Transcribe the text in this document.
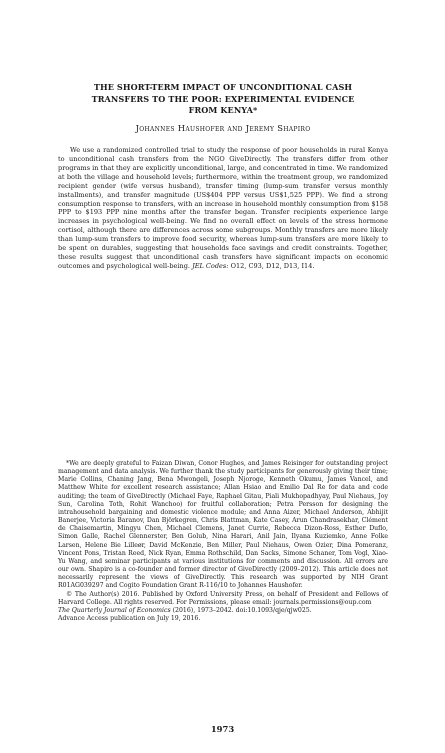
THE SHORT-TERM IMPACT OF UNCONDITIONAL CASH
TRANSFERS TO THE POOR: EXPERIMENTAL EVIDENCE
FROM KENYA*
Johannes Haushofer and Jeremy Shapiro

We use a randomized controlled trial to study the response of poor households in rural Kenya to unconditional cash transfers from the NGO GiveDirectly. The transfers differ from other programs in that they are explicitly unconditional, large, and concentrated in time. We randomized at both the village and household levels; furthermore, within the treatment group, we randomized recipient gender (wife versus husband), transfer timing (lump-sum transfer versus monthly installments), and transfer magnitude (US$404 PPP versus US$1,525 PPP). We find a strong consumption response to transfers, with an increase in household monthly consumption from $158 PPP to $193 PPP nine months after the transfer began. Transfer recipients experience large increases in psychological well-being. We find no overall effect on levels of the stress hormone cortisol, although there are differences across some subgroups. Monthly transfers are more likely than lump-sum transfers to improve food security, whereas lump-sum transfers are more likely to be spent on durables, suggesting that households face savings and credit constraints. Together, these results suggest that unconditional cash transfers have significant impacts on economic outcomes and psychological well-being. JEL Codes: O12, C93, D12, D13, I14.

*We are deeply grateful to Faizan Diwan, Conor Hughes, and James Reisinger for outstanding project management and data analysis. We further thank the study participants for generously giving their time; Marie Collins, Chaning Jang, Bena Mwongeli, Joseph Njoroge, Kenneth Okumu, James Vancel, and Matthew White for excellent research assistance; Allan Hsiao and Emilio Dal Re for data and code auditing; the team of GiveDirectly (Michael Faye, Raphael Gitau, Piali Mukhopadhyay, Paul Niehaus, Joy Sun, Carolina Toth, Rohit Wanchoo) for fruitful collaboration; Petra Persson for designing the intrahousehold bargaining and domestic violence module; and Anna Aizer, Michael Anderson, Abhijit Banerjee, Victoria Baranov, Dan Björkegren, Chris Blattman, Kate Casey, Arun Chandrasekhar, Clément de Chaisemartin, Mingyu Chen, Michael Clemens, Janet Currie, Rebecca Dizon-Ross, Esther Duflo, Simon Galle, Rachel Glennerster, Ben Golub, Nina Harari, Anil Jain, Ilyana Kuziemko, Anne Folke Larsen, Helene Bie Lilleør, David McKenzie, Ben Miller, Paul Niehaus, Owen Ozier, Dina Pomeranz, Vincent Pons, Tristan Reed, Nick Ryan, Emma Rothschild, Dan Sacks, Simone Schaner, Tom Vogl, Xiao-Yu Wang, and seminar participants at various institutions for comments and discussion. All errors are our own. Shapiro is a co-founder and former director of GiveDirectly (2009–2012). This article does not necessarily represent the views of GiveDirectly. This research was supported by NIH Grant R01AG039297 and Cogito Foundation Grant R-116/10 to Johannes Haushofer.

© The Author(s) 2016. Published by Oxford University Press, on behalf of President and Fellows of Harvard College. All rights reserved. For Permissions, please email: journals.permissions@oup.com

The Quarterly Journal of Economics (2016), 1973–2042. doi:10.1093/qje/qjw025.

Advance Access publication on July 19, 2016.

1973
